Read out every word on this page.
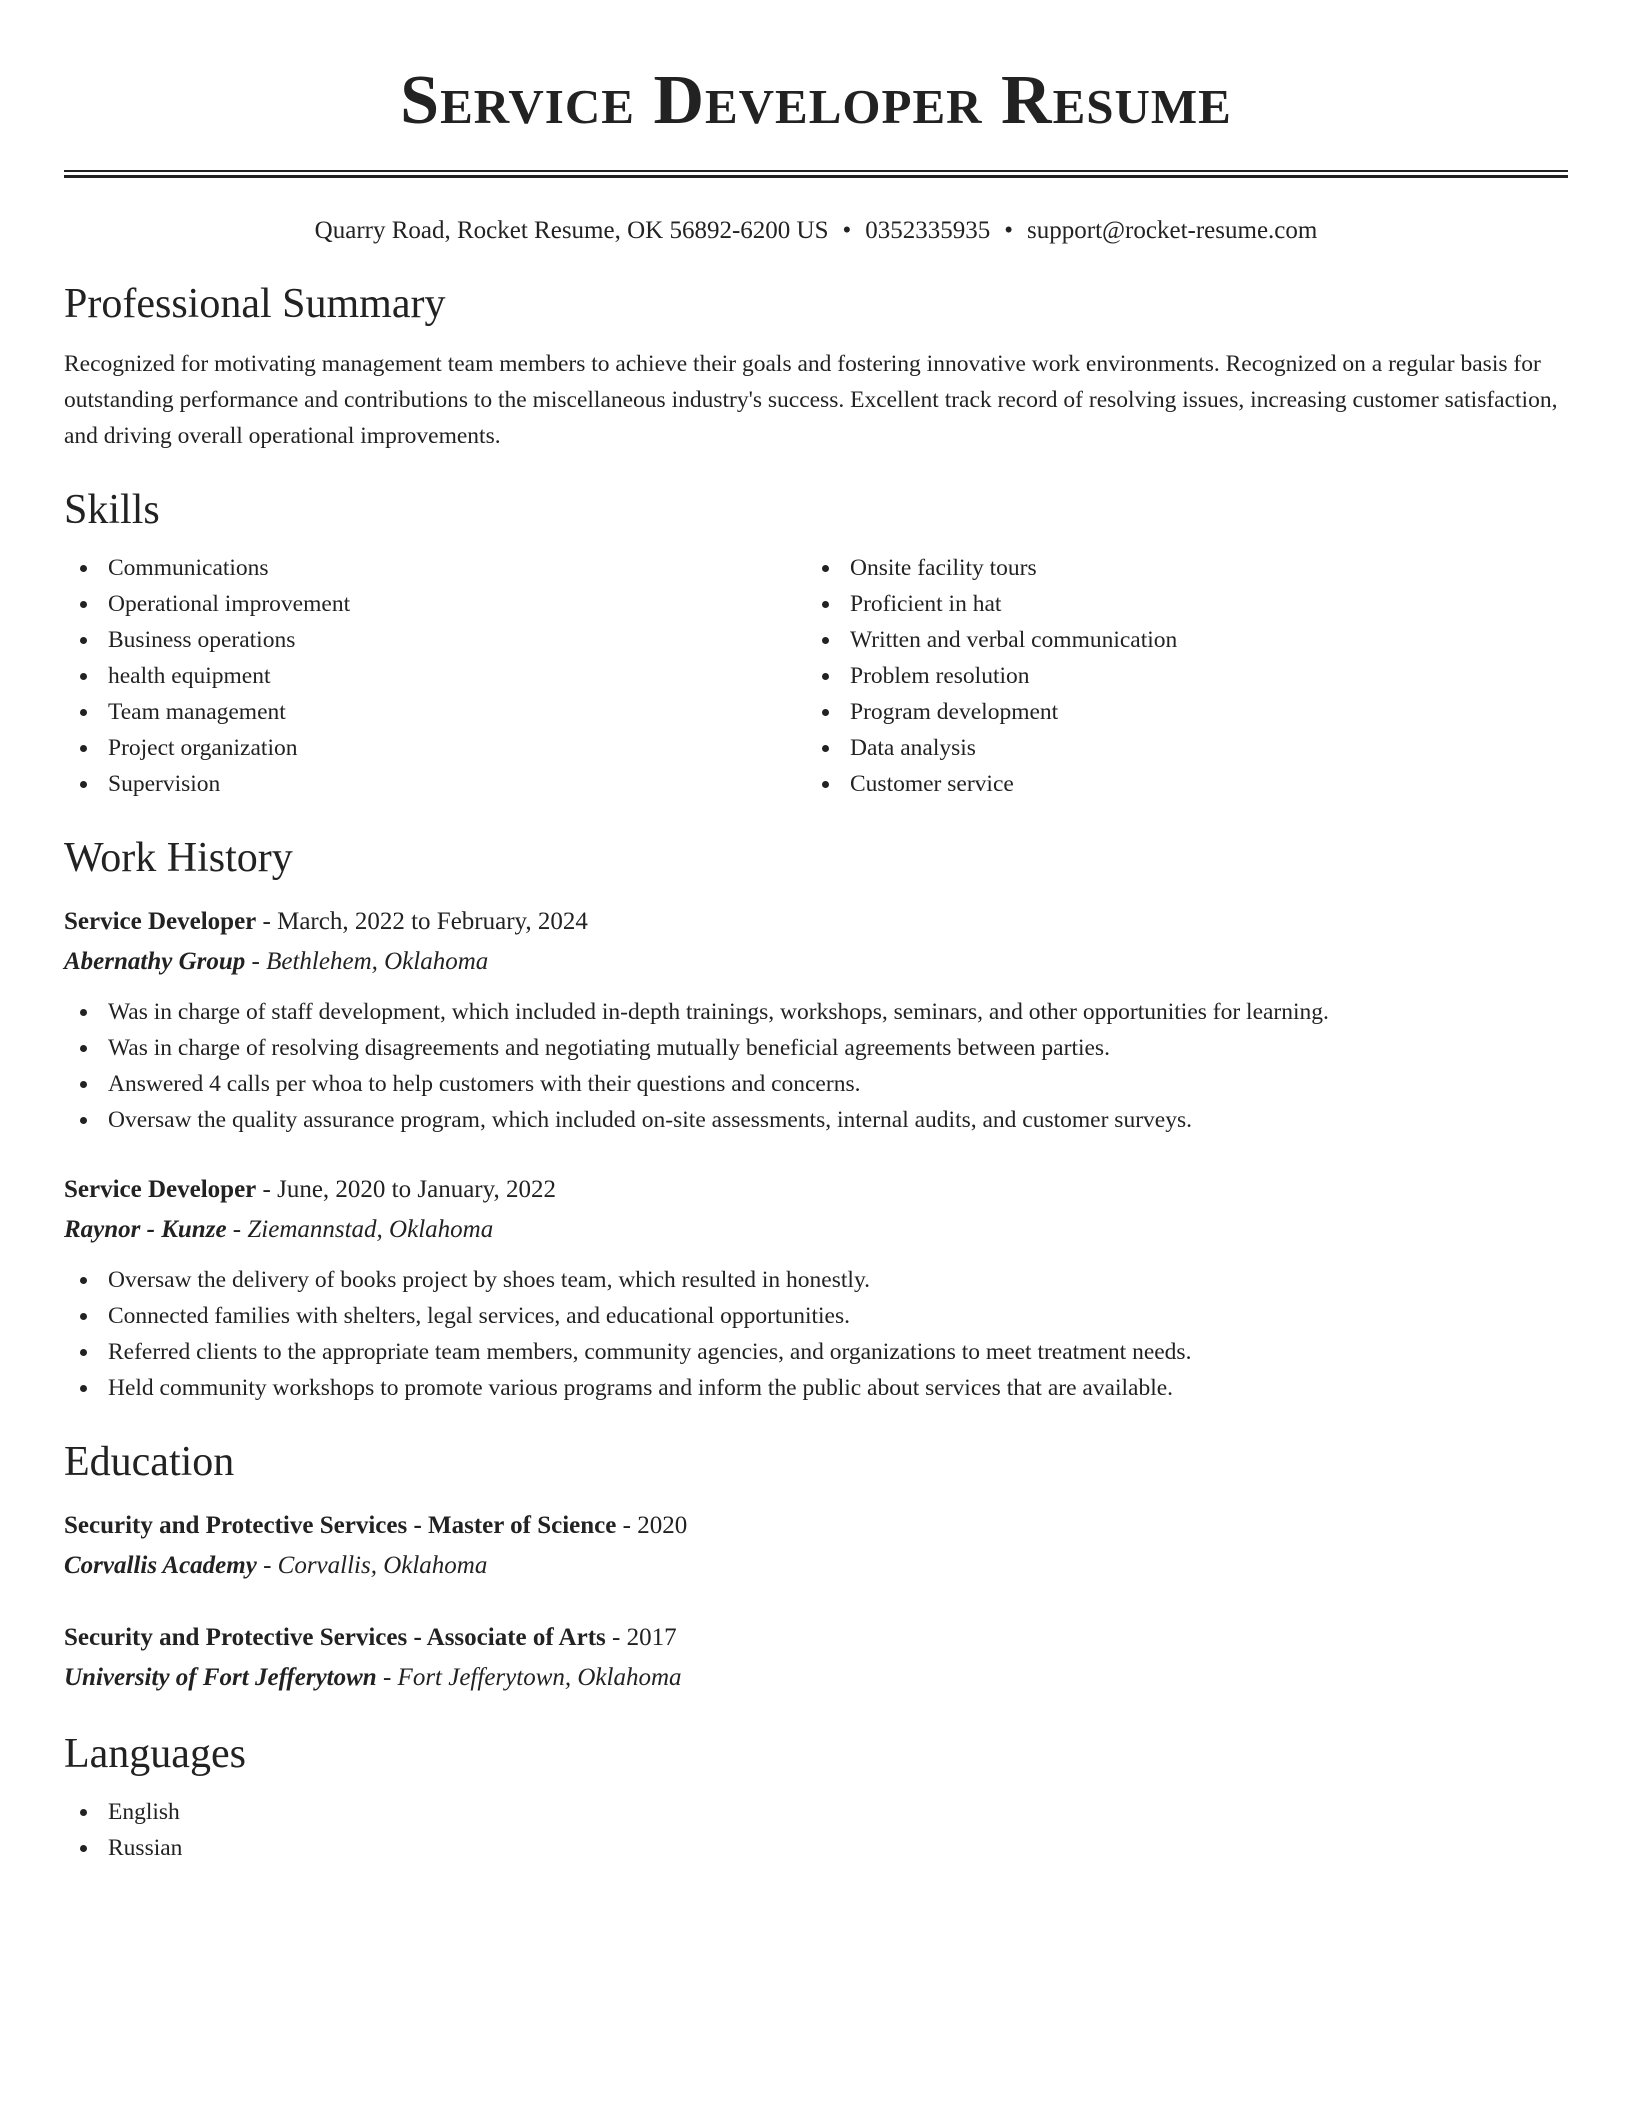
Service Developer Resume
Quarry Road, Rocket Resume, OK 56892-6200 US • 0352335935 • support@rocket-resume.com
Professional Summary

Recognized for motivating management team members to achieve their goals and fostering innovative work environments. Recognized on a regular basis for outstanding performance and contributions to the miscellaneous industry's success. Excellent track record of resolving issues, increasing customer satisfaction, and driving overall operational improvements.

Skills
Communications
Operational improvement
Business operations
health equipment
Team management
Project organization
Supervision
Onsite facility tours
Proficient in hat
Written and verbal communication
Problem resolution
Program development
Data analysis
Customer service
Work History
Service Developer - March, 2022 to February, 2024
Abernathy Group - Bethlehem, Oklahoma
Was in charge of staff development, which included in-depth trainings, workshops, seminars, and other opportunities for learning.
Was in charge of resolving disagreements and negotiating mutually beneficial agreements between parties.
Answered 4 calls per whoa to help customers with their questions and concerns.
Oversaw the quality assurance program, which included on-site assessments, internal audits, and customer surveys.
Service Developer - June, 2020 to January, 2022
Raynor - Kunze - Ziemannstad, Oklahoma
Oversaw the delivery of books project by shoes team, which resulted in honestly.
Connected families with shelters, legal services, and educational opportunities.
Referred clients to the appropriate team members, community agencies, and organizations to meet treatment needs.
Held community workshops to promote various programs and inform the public about services that are available.
Education
Security and Protective Services - Master of Science - 2020
Corvallis Academy - Corvallis, Oklahoma
Security and Protective Services - Associate of Arts - 2017
University of Fort Jefferytown - Fort Jefferytown, Oklahoma
Languages
English
Russian
